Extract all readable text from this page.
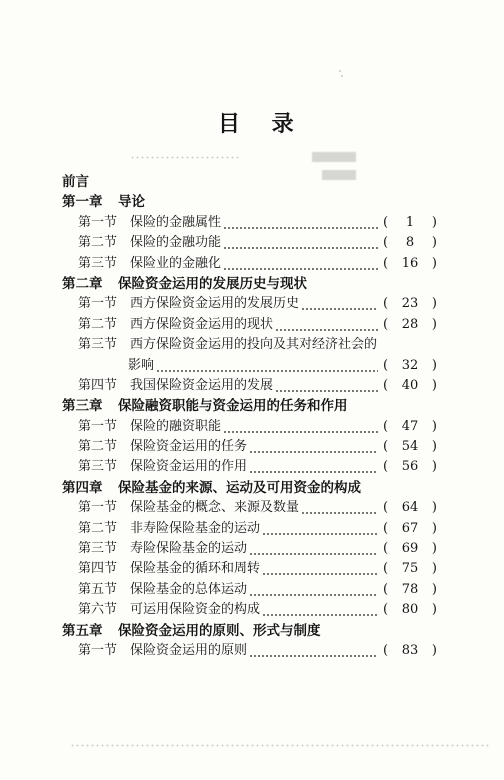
目 录
前言
第一章 导论
第一节 保险的金融属性	(	1	)
第二节 保险的金融功能	(	8	)
第三节 保险业的金融化	(	16	)
第二章 保险资金运用的发展历史与现状
第一节 西方保险资金运用的发展历史	(	23	)
第二节 西方保险资金运用的现状	(	28	)
第三节 西方保险资金运用的投向及其对经济社会的
影响	(	32	)
第四节 我国保险资金运用的发展	(	40	)
第三章 保险融资职能与资金运用的任务和作用
第一节 保险的融资职能	(	47	)
第二节 保险资金运用的任务	(	54	)
第三节 保险资金运用的作用	(	56	)
第四章 保险基金的来源、运动及可用资金的构成
第一节 保险基金的概念、来源及数量	(	64	)
第二节 非寿险保险基金的运动	(	67	)
第三节 寿险保险基金的运动	(	69	)
第四节 保险基金的循环和周转	(	75	)
第五节 保险基金的总体运动	(	78	)
第六节 可运用保险资金的构成	(	80	)
第五章 保险资金运用的原则、形式与制度
第一节 保险资金运用的原则	(	83	)
